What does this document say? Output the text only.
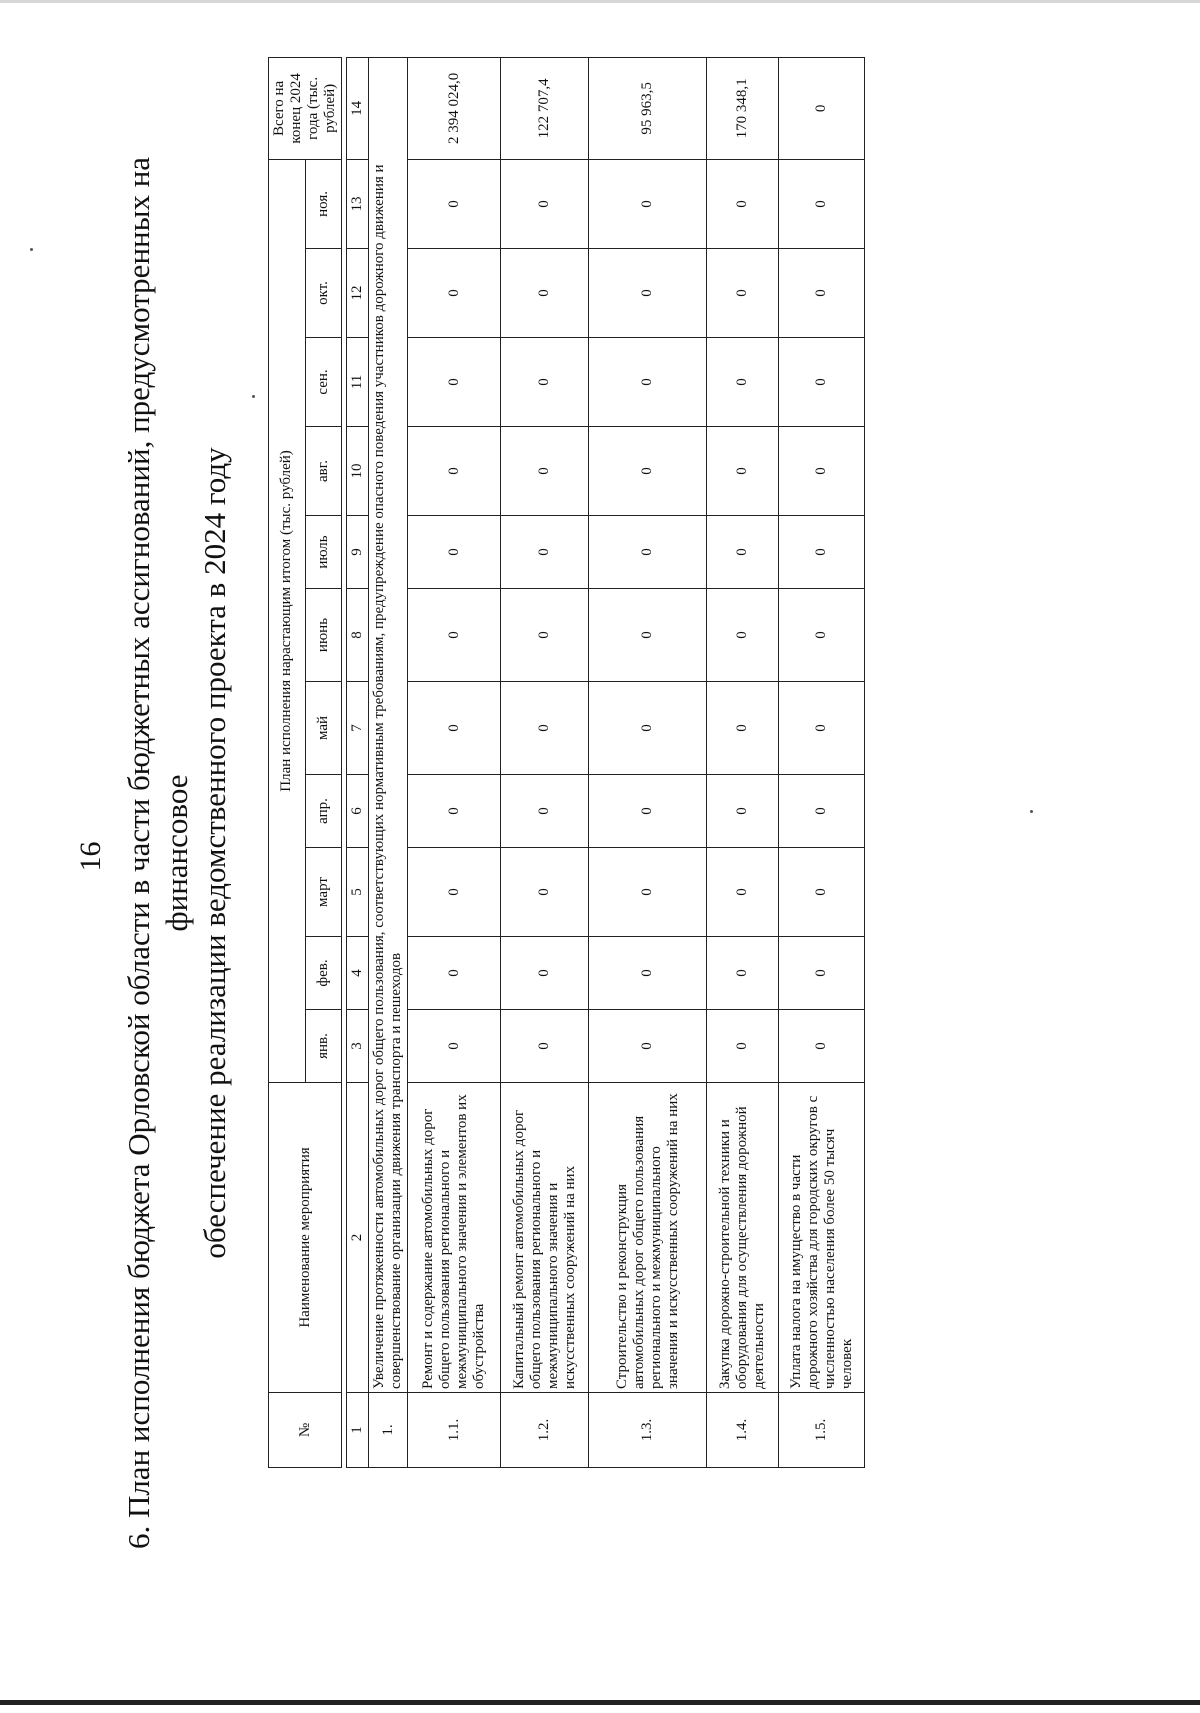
16 6. План исполнения бюджета Орловской области в части бюджетных ассигнований, предусмотренных на финансовое обеспечение реализации ведомственного проекта в 2024 году
№	Наименование мероприятия	План исполнения нарастающим итогом (тыс. рублей)											Всего на конец 2024 года (тыс. рублей)
		янв.	фев.	март	апр.	май	июнь	июль	авг.	сен.	окт.	ноя.	

1	2	3	4	5	6	7	8	9	10	11	12	13	14
1.	Увеличение протяженности автомобильных дорог общего пользования, соответствующих нормативным требованиям, предупреждение опасного поведения участников дорожного движения и совершенствование организации движения транспорта и пешеходов												
1.1.	Ремонт и содержание автомобильных дорог общего пользования регионального и межмуниципального значения и элементов их обустройства	0	0	0	0	0	0	0	0	0	0	0	2 394 024,0
1.2.	Капитальный ремонт автомобильных дорог общего пользования регионального и межмуниципального значения и искусственных сооружений на них	0	0	0	0	0	0	0	0	0	0	0	122 707,4
1.3.	Строительство и реконструкция автомобильных дорог общего пользования регионального и межмуниципального значения и искусственных сооружений на них	0	0	0	0	0	0	0	0	0	0	0	95 963,5
1.4.	Закупка дорожно-строительной техники и оборудования для осуществления дорожной деятельности	0	0	0	0	0	0	0	0	0	0	0	170 348,1
1.5.	Уплата налога на имущество в части дорожного хозяйства для городских округов с численностью населения более 50 тысяч человек	0	0	0	0	0	0	0	0	0	0	0	0
